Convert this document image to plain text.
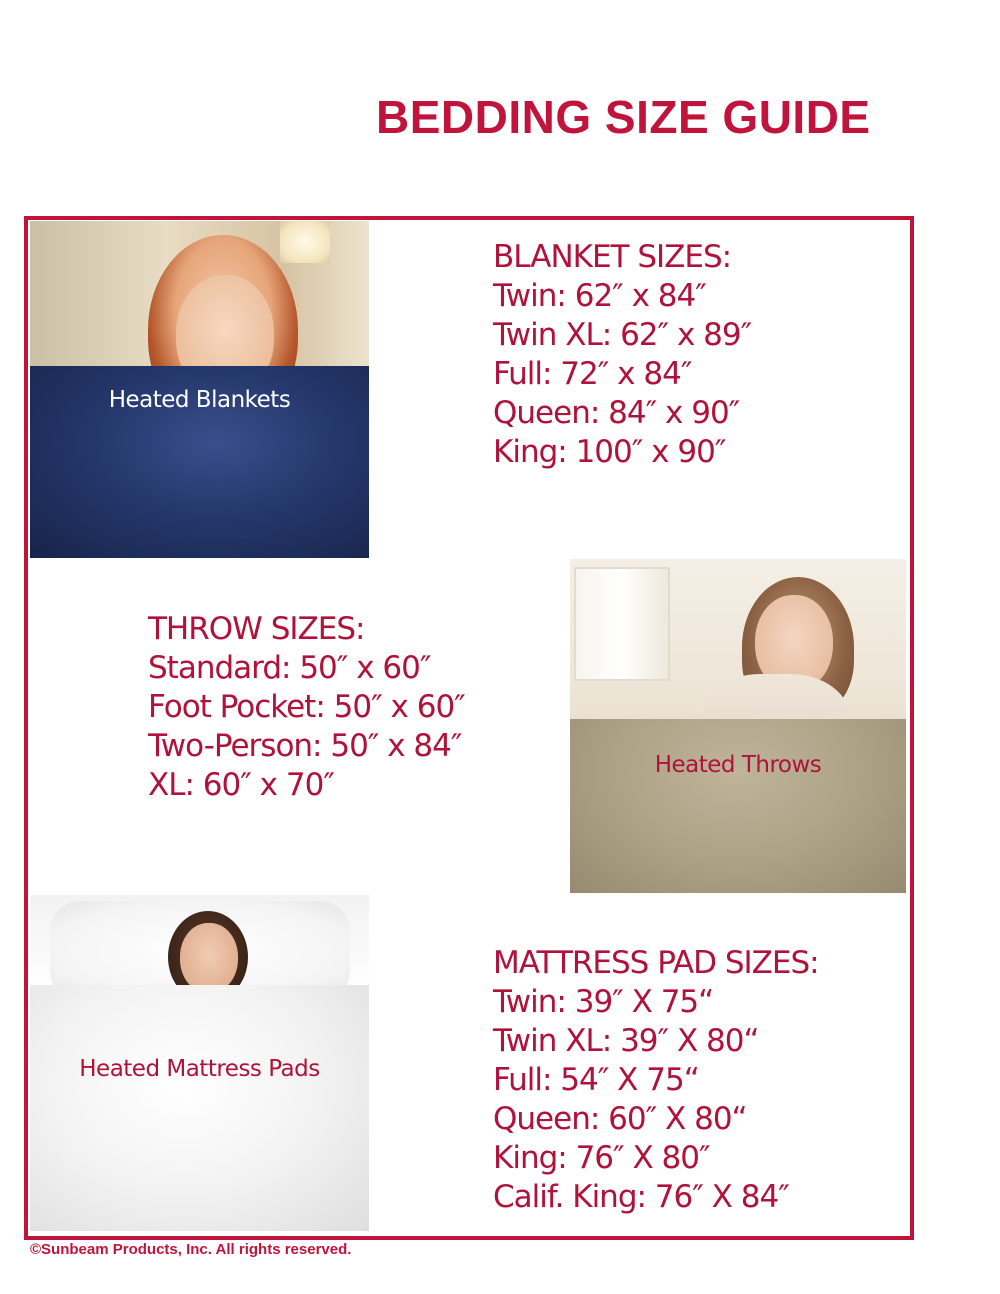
BEDDING SIZE GUIDE
Heated Blankets
BLANKET SIZES:
Twin: 62″ x 84″
Twin XL: 62″ x 89″
Full: 72″ x 84″
Queen: 84″ x 90″
King: 100″ x 90″
THROW SIZES:
Standard: 50″ x 60″
Foot Pocket: 50″ x 60″
Two-Person: 50″ x 84″
XL: 60″ x 70″
Heated Throws
Heated Mattress Pads
MATTRESS PAD SIZES:
Twin: 39″ X 75“
Twin XL: 39″ X 80“
Full: 54″ X 75“
Queen: 60″ X 80“
King: 76″ X 80″
Calif. King: 76″ X 84″
©Sunbeam Products, Inc. All rights reserved.
